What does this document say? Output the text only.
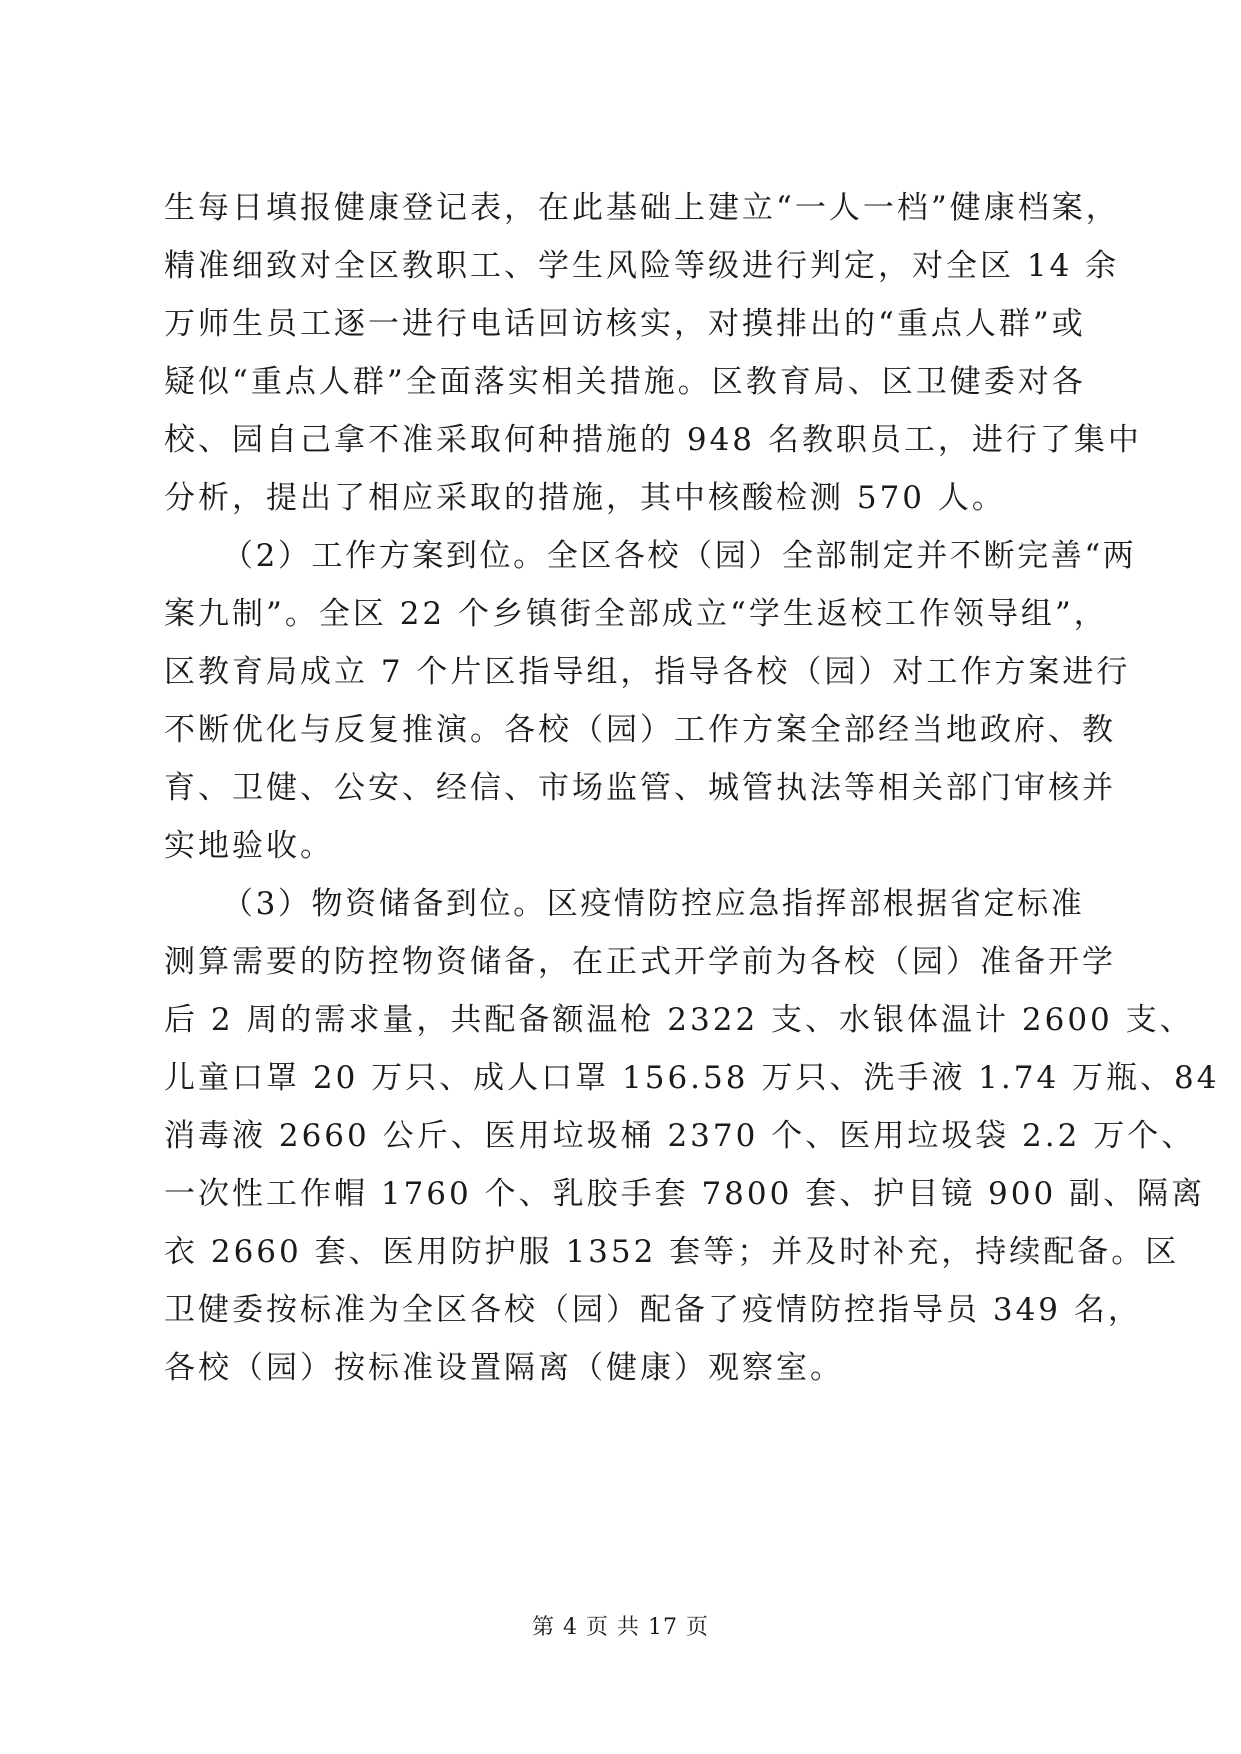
生每日填报健康登记表，在此基础上建立“一人一档”健康档案，
精准细致对全区教职工、学生风险等级进行判定，对全区 14 余
万师生员工逐一进行电话回访核实，对摸排出的“重点人群”或
疑似“重点人群”全面落实相关措施。区教育局、区卫健委对各
校、园自己拿不准采取何种措施的 948 名教职员工，进行了集中
分析，提出了相应采取的措施，其中核酸检测 570 人。
（2）工作方案到位。全区各校（园）全部制定并不断完善“两
案九制”。全区 22 个乡镇街全部成立“学生返校工作领导组”，
区教育局成立 7 个片区指导组，指导各校（园）对工作方案进行
不断优化与反复推演。各校（园）工作方案全部经当地政府、教
育、卫健、公安、经信、市场监管、城管执法等相关部门审核并
实地验收。
（3）物资储备到位。区疫情防控应急指挥部根据省定标准
测算需要的防控物资储备，在正式开学前为各校（园）准备开学
后 2 周的需求量，共配备额温枪 2322 支、水银体温计 2600 支、
儿童口罩 20 万只、成人口罩 156.58 万只、洗手液 1.74 万瓶、84
消毒液 2660 公斤、医用垃圾桶 2370 个、医用垃圾袋 2.2 万个、
一次性工作帽 1760 个、乳胶手套 7800 套、护目镜 900 副、隔离
衣 2660 套、医用防护服 1352 套等；并及时补充，持续配备。区
卫健委按标准为全区各校（园）配备了疫情防控指导员 349 名，
各校（园）按标准设置隔离（健康）观察室。
第 4 页 共 17 页
